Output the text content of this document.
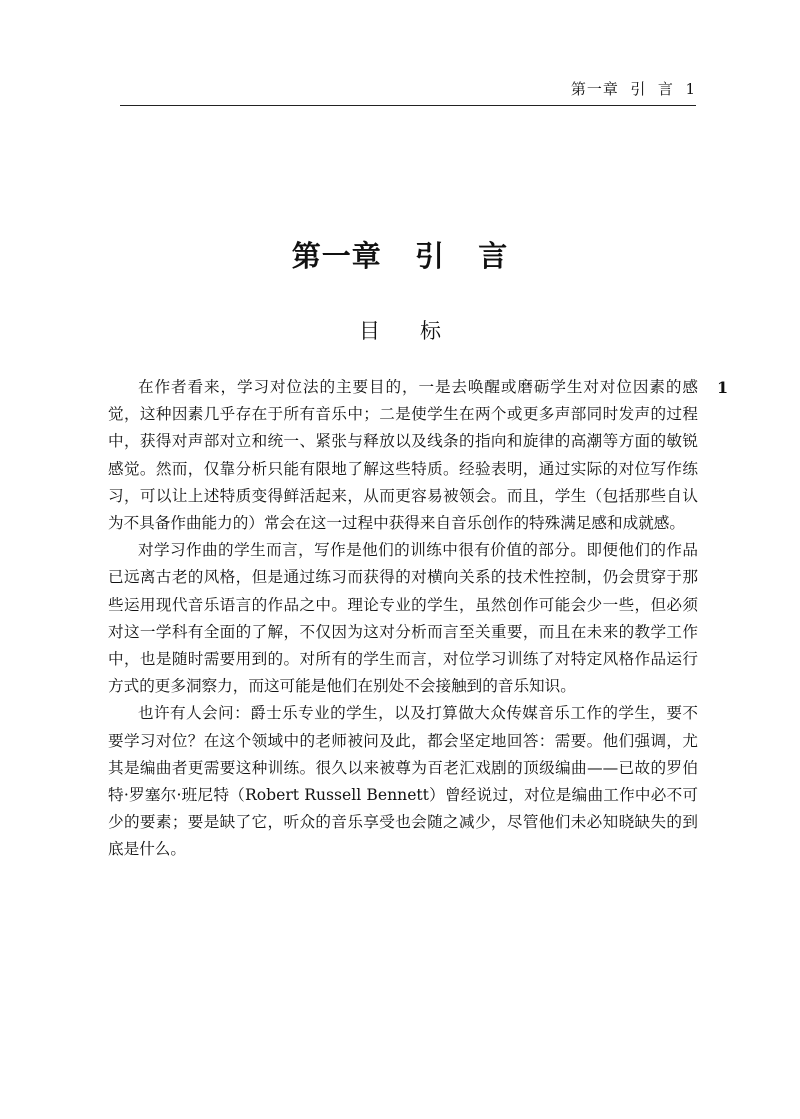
第一章  引  言  1
第一章   引   言
目      标
1

在作者看来，学习对位法的主要目的，一是去唤醒或磨砺学生对对位因素的感觉，这种因素几乎存在于所有音乐中；二是使学生在两个或更多声部同时发声的过程中，获得对声部对立和统一、紧张与释放以及线条的指向和旋律的高潮等方面的敏锐感觉。然而，仅靠分析只能有限地了解这些特质。经验表明，通过实际的对位写作练习，可以让上述特质变得鲜活起来，从而更容易被领会。而且，学生（包括那些自认为不具备作曲能力的）常会在这一过程中获得来自音乐创作的特殊满足感和成就感。

对学习作曲的学生而言，写作是他们的训练中很有价值的部分。即便他们的作品已远离古老的风格，但是通过练习而获得的对横向关系的技术性控制，仍会贯穿于那些运用现代音乐语言的作品之中。理论专业的学生，虽然创作可能会少一些，但必须对这一学科有全面的了解，不仅因为这对分析而言至关重要，而且在未来的教学工作中，也是随时需要用到的。对所有的学生而言，对位学习训练了对特定风格作品运行方式的更多洞察力，而这可能是他们在别处不会接触到的音乐知识。

也许有人会问：爵士乐专业的学生，以及打算做大众传媒音乐工作的学生，要不要学习对位？在这个领域中的老师被问及此，都会坚定地回答：需要。他们强调，尤其是编曲者更需要这种训练。很久以来被尊为百老汇戏剧的顶级编曲——已故的罗伯特·罗塞尔·班尼特（Robert Russell Bennett）曾经说过，对位是编曲工作中必不可少的要素；要是缺了它，听众的音乐享受也会随之减少，尽管他们未必知晓缺失的到底是什么。
